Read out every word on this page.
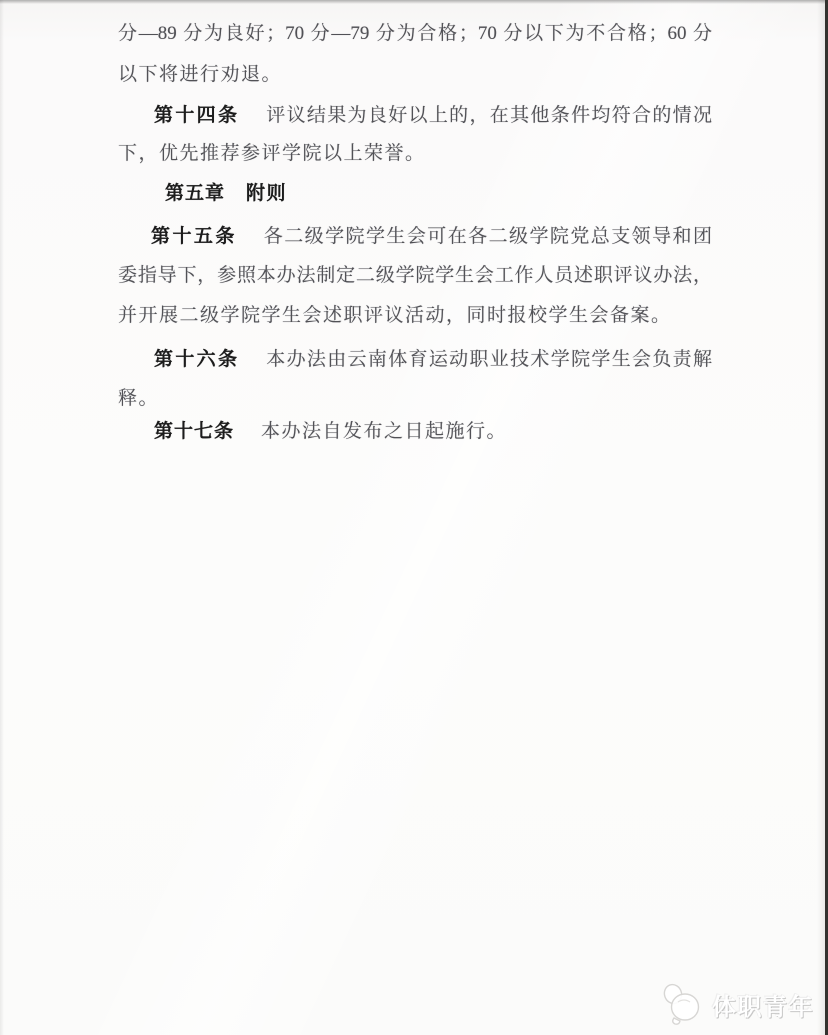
分—89 分为良好；70 分—79 分为合格；70 分以下为不合格；60 分
以下将进行劝退。
第十四条 评议结果为良好以上的，在其他条件均符合的情况
下，优先推荐参评学院以上荣誉。
第五章 附则
第十五条 各二级学院学生会可在各二级学院党总支领导和团
委指导下，参照本办法制定二级学院学生会工作人员述职评议办法，
并开展二级学院学生会述职评议活动，同时报校学生会备案。
第十六条 本办法由云南体育运动职业技术学院学生会负责解
释。
第十七条 本办法自发布之日起施行。
体职青年
